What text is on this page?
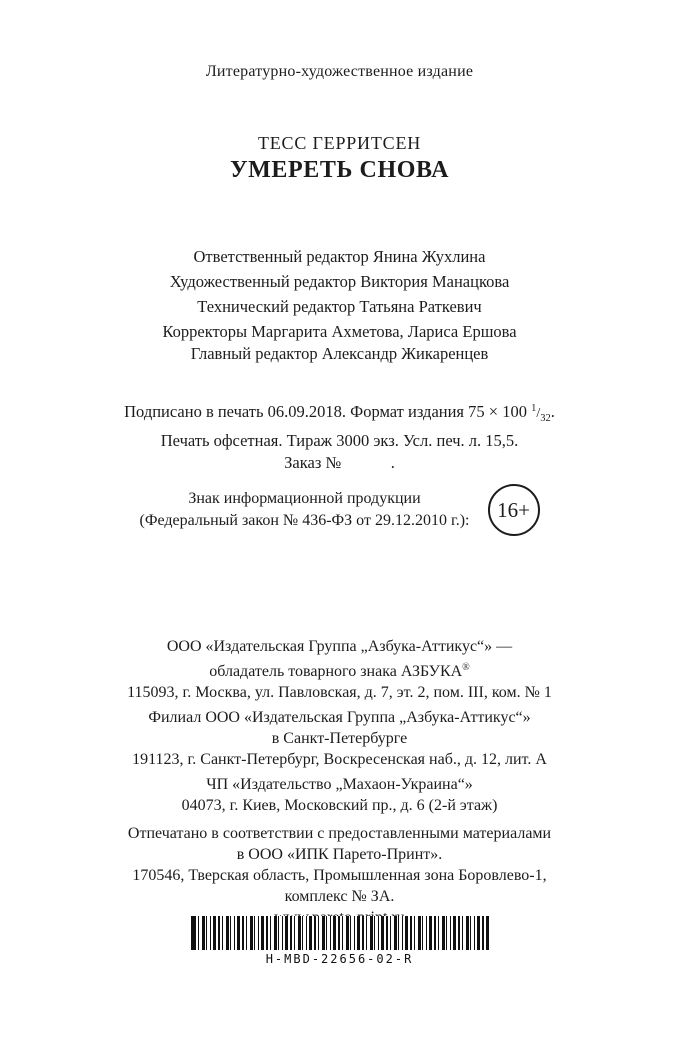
Литературно-художественное издание

ТЕСС ГЕРРИТСЕН

УМЕРЕТЬ СНОВА

Ответственный редактор Янина Жухлина

Художественный редактор Виктория Манацкова

Технический редактор Татьяна Раткевич

Корректоры Маргарита Ахметова, Лариса Ершова

Главный редактор Александр Жикаренцев

Подписано в печать 06.09.2018. Формат издания 75 × 100 $^1/_{32}$.

Печать офсетная. Тираж 3000 экз. Усл. печ. л. 15,5.

Заказ №            .

Знак информационной продукции

(Федеральный закон № 436-ФЗ от 29.12.2010 г.): 16+

ООО «Издательская Группа „Азбука-Аттикус“» —

обладатель товарного знака АЗБУКА®

115093, г. Москва, ул. Павловская, д. 7, эт. 2, пом. III, ком. № 1

Филиал ООО «Издательская Группа „Азбука-Аттикус“»

в Санкт-Петербурге

191123, г. Санкт-Петербург, Воскресенская наб., д. 12, лит. А

ЧП «Издательство „Махаон-Украина“»

04073, г. Киев, Московский пр., д. 6 (2-й этаж)

Отпечатано в соответствии с предоставленными материалами

в ООО «ИПК Парето-Принт».

170546, Тверская область, Промышленная зона Боровлево-1,

комплекс № ЗА.

H-MBD-22656-02-R
